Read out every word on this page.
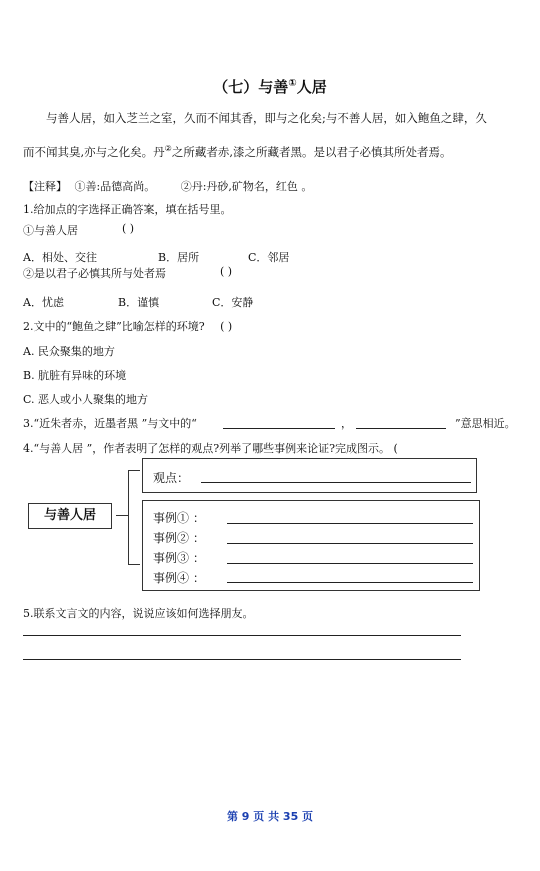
（七）与善①人居
与善人居，如入芝兰之室，久而不闻其香，即与之化矣;与不善人居，如入鲍鱼之肆，久
而不闻其臭,亦与之化矣。丹②之所藏者赤,漆之所藏者黑。是以君子必慎其所处者焉。
【注释】 ①善:品德高尚。 ②丹:丹砂,矿物名，红色 。
1.给加点的字选择正确答案，填在括号里。
①与善人居	( )
A．相处、交往	B．居所	C．邻居
②是以君子必慎其所与处者焉	( )
A．忧虑	B．谨慎	C．安静
2.文中的“鲍鱼之肆”比喻怎样的环境? ( )
A. 民众聚集的地方
B. 肮脏有异味的环境
C. 恶人或小人聚集的地方
3.“近朱者赤，近墨者黑 ”与文中的“	，	”意思相近。
4.“与善人居 ”，作者表明了怎样的观点?列举了哪些事例来论证?完成图示。 (
与善人居
观点：
事例① ：
事例② ：
事例③ ：
事例④ ：
5.联系文言文的内容，说说应该如何选择朋友。
第 9 页 共 35 页
